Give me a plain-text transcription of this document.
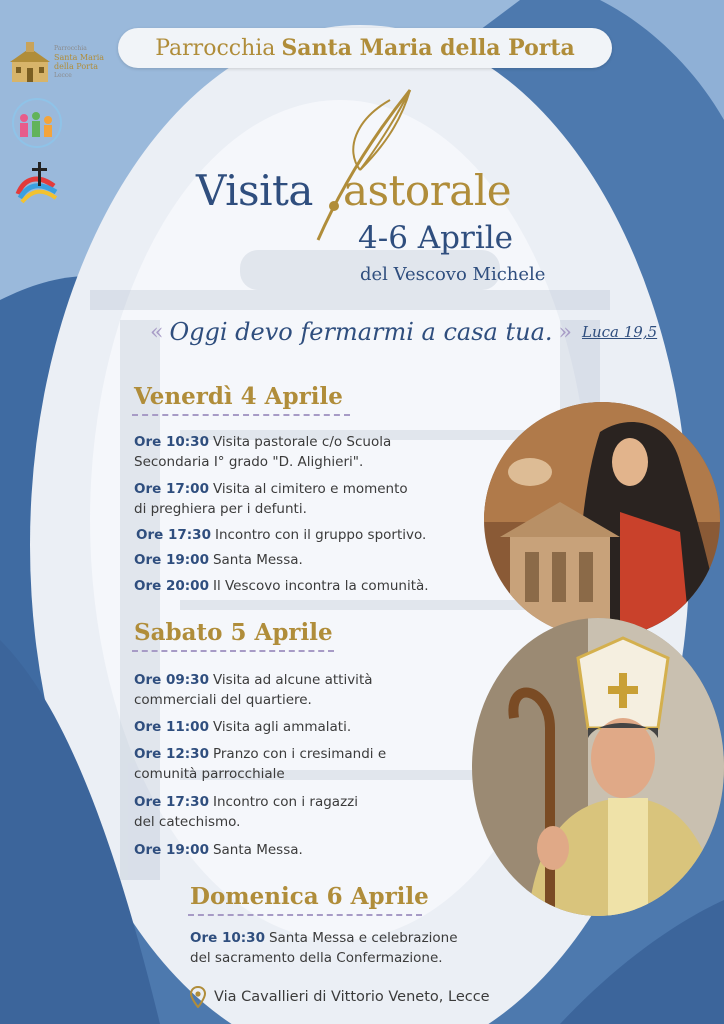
Parrocchia
Santa Maria
della Porta
Lecce
Parrocchia Santa Maria della Porta
Visita astorale
4-6 Aprile
del Vescovo Michele
« Oggi devo fermarmi a casa tua. » Luca 19,5
Venerdì 4 Aprile
Ore 10:30 Visita pastorale c/o Scuola
Secondaria I° grado "D. Alighieri".
Ore 17:00 Visita al cimitero e momento
di preghiera per i defunti.
Ore 17:30 Incontro con il gruppo sportivo.
Ore 19:00 Santa Messa.
Ore 20:00 Il Vescovo incontra la comunità.
Sabato 5 Aprile
Ore 09:30 Visita ad alcune attività
commerciali del quartiere.
Ore 11:00 Visita agli ammalati.
Ore 12:30 Pranzo con i cresimandi e
comunità parrocchiale
Ore 17:30 Incontro con i ragazzi
del catechismo.
Ore 19:00 Santa Messa.
Domenica 6 Aprile
Ore 10:30 Santa Messa e celebrazione
del sacramento della Confermazione.
Via Cavallieri di Vittorio Veneto, Lecce
